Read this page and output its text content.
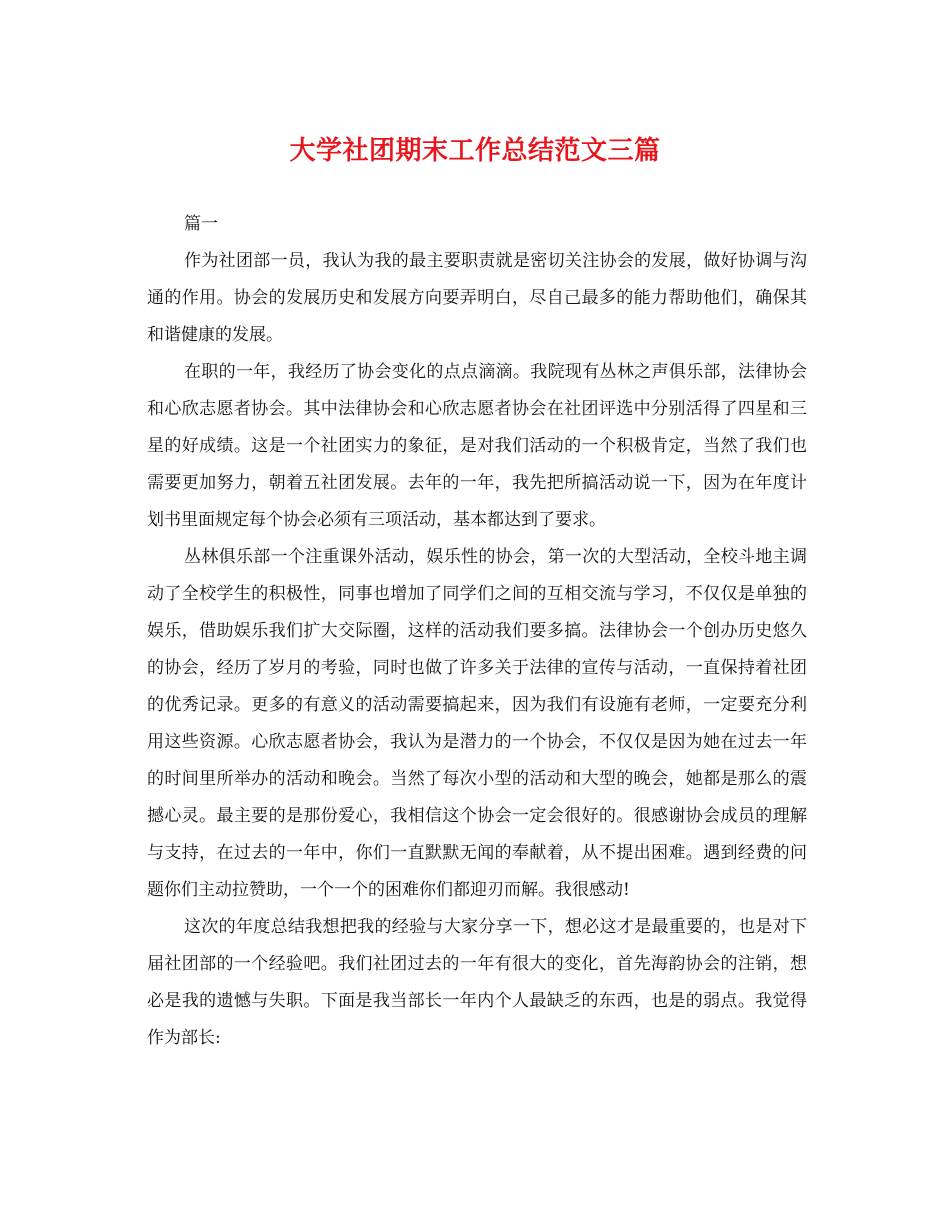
大学社团期末工作总结范文三篇

篇一

作为社团部一员，我认为我的最主要职责就是密切关注协会的发展，做好协调与沟通的作用。协会的发展历史和发展方向要弄明白，尽自己最多的能力帮助他们，确保其和谐健康的发展。

在职的一年，我经历了协会变化的点点滴滴。我院现有丛林之声俱乐部，法律协会和心欣志愿者协会。其中法律协会和心欣志愿者协会在社团评选中分别活得了四星和三星的好成绩。这是一个社团实力的象征，是对我们活动的一个积极肯定，当然了我们也需要更加努力，朝着五社团发展。去年的一年，我先把所搞活动说一下，因为在年度计划书里面规定每个协会必须有三项活动，基本都达到了要求。

丛林俱乐部一个注重课外活动，娱乐性的协会，第一次的大型活动，全校斗地主调动了全校学生的积极性，同事也增加了同学们之间的互相交流与学习，不仅仅是单独的娱乐，借助娱乐我们扩大交际圈，这样的活动我们要多搞。法律协会一个创办历史悠久的协会，经历了岁月的考验，同时也做了许多关于法律的宣传与活动，一直保持着社团的优秀记录。更多的有意义的活动需要搞起来，因为我们有设施有老师，一定要充分利用这些资源。心欣志愿者协会，我认为是潜力的一个协会，不仅仅是因为她在过去一年的时间里所举办的活动和晚会。当然了每次小型的活动和大型的晚会，她都是那么的震撼心灵。最主要的是那份爱心，我相信这个协会一定会很好的。很感谢协会成员的理解与支持，在过去的一年中，你们一直默默无闻的奉献着，从不提出困难。遇到经费的问题你们主动拉赞助，一个一个的困难你们都迎刃而解。我很感动!

这次的年度总结我想把我的经验与大家分享一下，想必这才是最重要的，也是对下届社团部的一个经验吧。我们社团过去的一年有很大的变化，首先海韵协会的注销，想必是我的遗憾与失职。下面是我当部长一年内个人最缺乏的东西，也是的弱点。我觉得作为部长:
